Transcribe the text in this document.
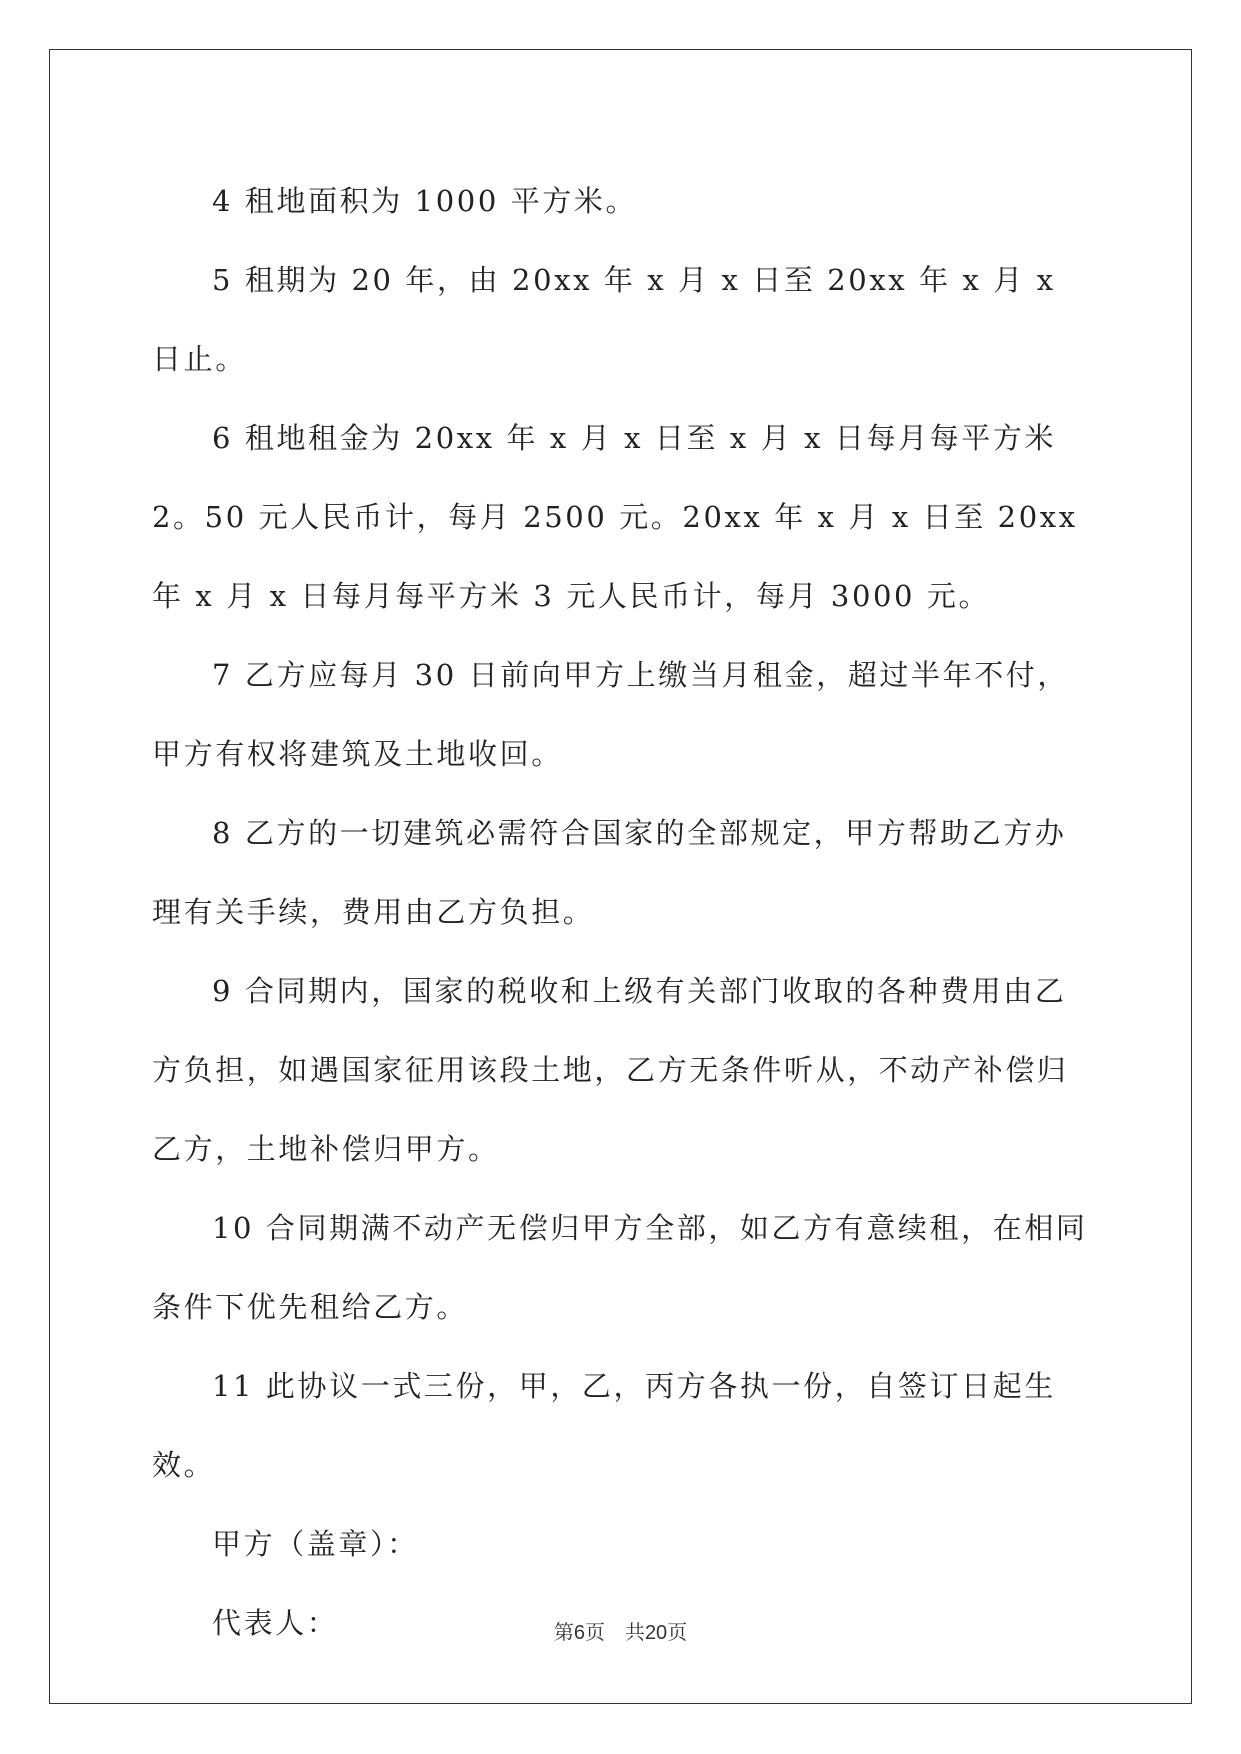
4 租地面积为 1000 平方米。

5 租期为 20 年，由 20xx 年 x 月 x 日至 20xx 年 x 月 x 日止。

6 租地租金为 20xx 年 x 月 x 日至 x 月 x 日每月每平方米 2。50 元人民币计，每月 2500 元。20xx 年 x 月 x 日至 20xx 年 x 月 x 日每月每平方米 3 元人民币计，每月 3000 元。

7 乙方应每月 30 日前向甲方上缴当月租金，超过半年不付，甲方有权将建筑及土地收回。

8 乙方的一切建筑必需符合国家的全部规定，甲方帮助乙方办理有关手续，费用由乙方负担。

9 合同期内，国家的税收和上级有关部门收取的各种费用由乙方负担，如遇国家征用该段土地，乙方无条件听从，不动产补偿归乙方，土地补偿归甲方。

10 合同期满不动产无偿归甲方全部，如乙方有意续租，在相同条件下优先租给乙方。

11 此协议一式三份，甲，乙，丙方各执一份，自签订日起生效。

甲方（盖章）：

代表人：	第6页　共20页
